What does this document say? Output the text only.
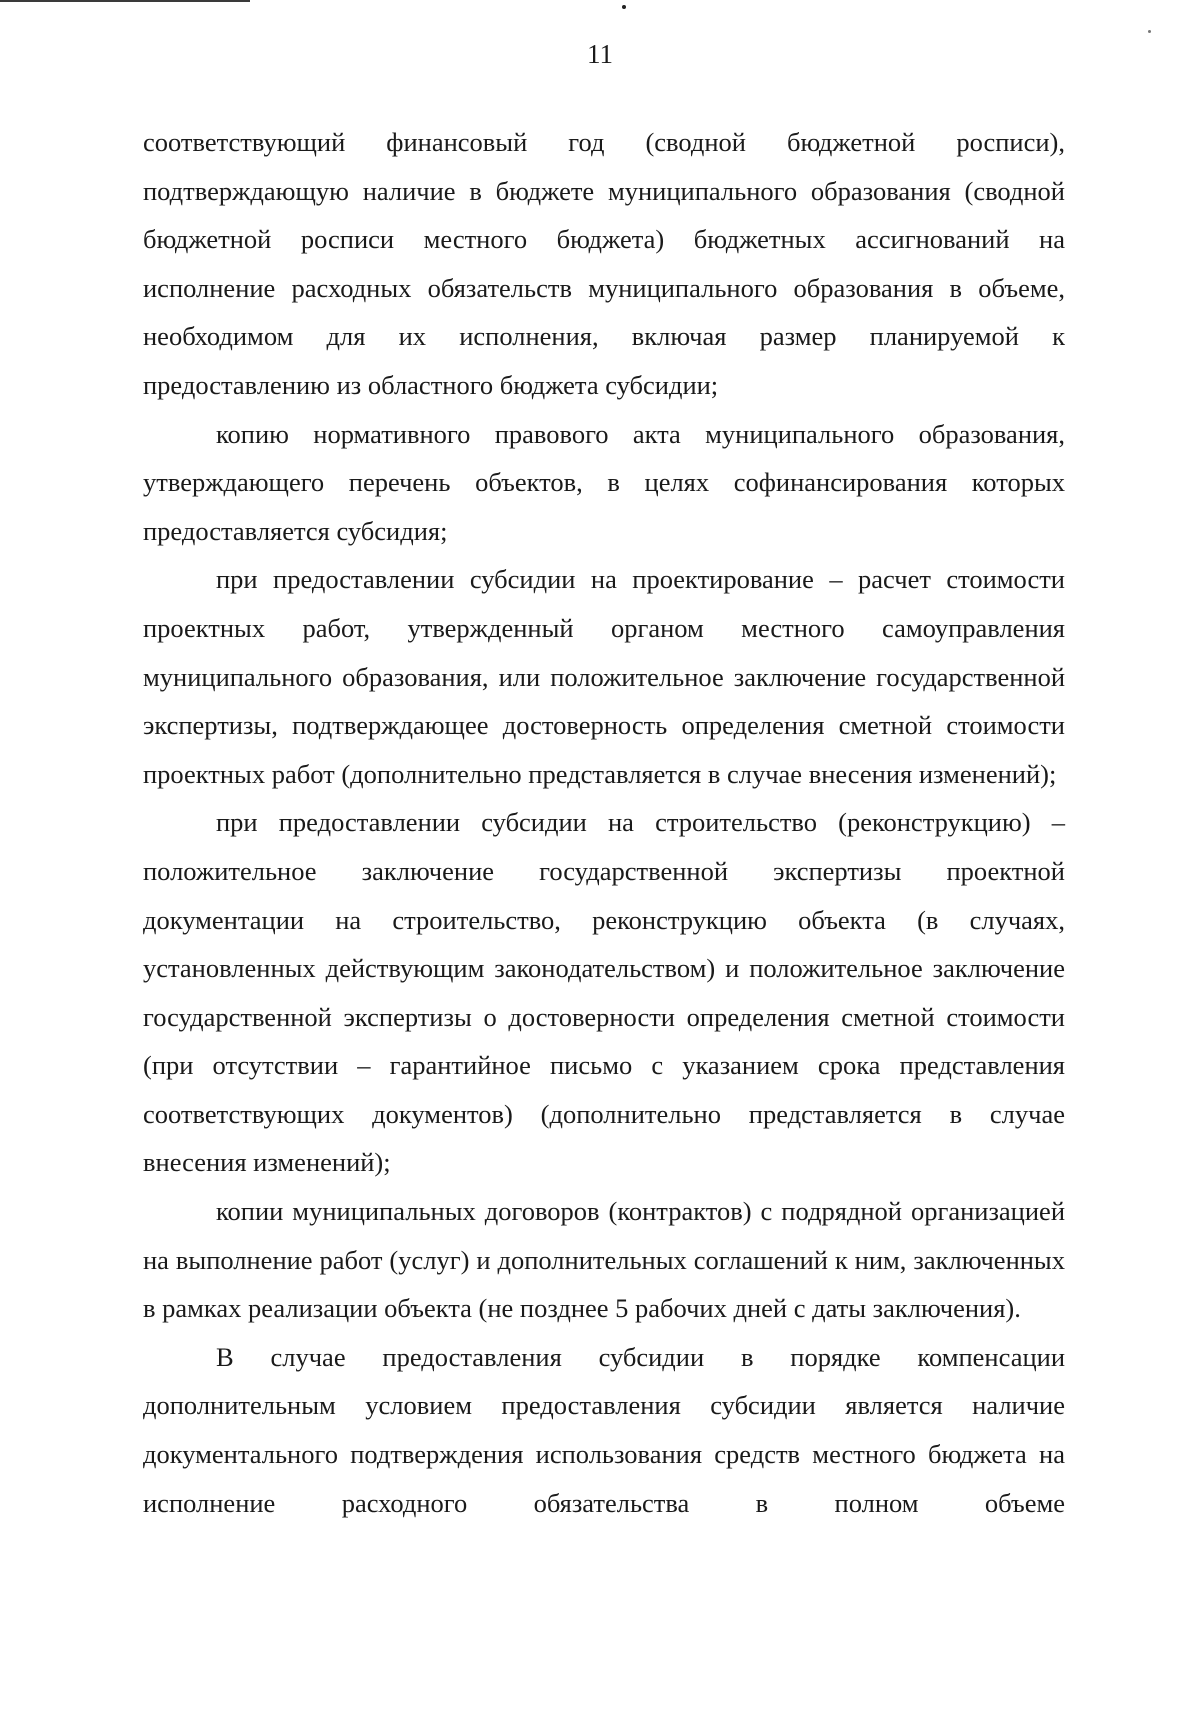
11

соответствующий финансовый год (сводной бюджетной росписи), подтверждающую наличие в бюджете муниципального образования (сводной бюджетной росписи местного бюджета) бюджетных ассигнований на исполнение расходных обязательств муниципального образования в объеме, необходимом для их исполнения, включая размер планируемой к предоставлению из областного бюджета субсидии;

копию нормативного правового акта муниципального образования, утверждающего перечень объектов, в целях софинансирования которых предоставляется субсидия;

при предоставлении субсидии на проектирование – расчет стоимости проектных работ, утвержденный органом местного самоуправления муниципального образования, или положительное заключение государственной экспертизы, подтверждающее достоверность определения сметной стоимости проектных работ (дополнительно представляется в случае внесения изменений);

при предоставлении субсидии на строительство (реконструкцию) – положительное заключение государственной экспертизы проектной документации на строительство, реконструкцию объекта (в случаях, установленных действующим законодательством) и положительное заключение государственной экспертизы о достоверности определения сметной стоимости (при отсутствии – гарантийное письмо с указанием срока представления соответствующих документов) (дополнительно представляется в случае внесения изменений);

копии муниципальных договоров (контрактов) с подрядной организацией на выполнение работ (услуг) и дополнительных соглашений к ним, заключенных в рамках реализации объекта (не позднее 5 рабочих дней с даты заключения).

В случае предоставления субсидии в порядке компенсации дополнительным условием предоставления субсидии является наличие документального подтверждения использования средств местного бюджета на исполнение расходного обязательства в полном объеме
